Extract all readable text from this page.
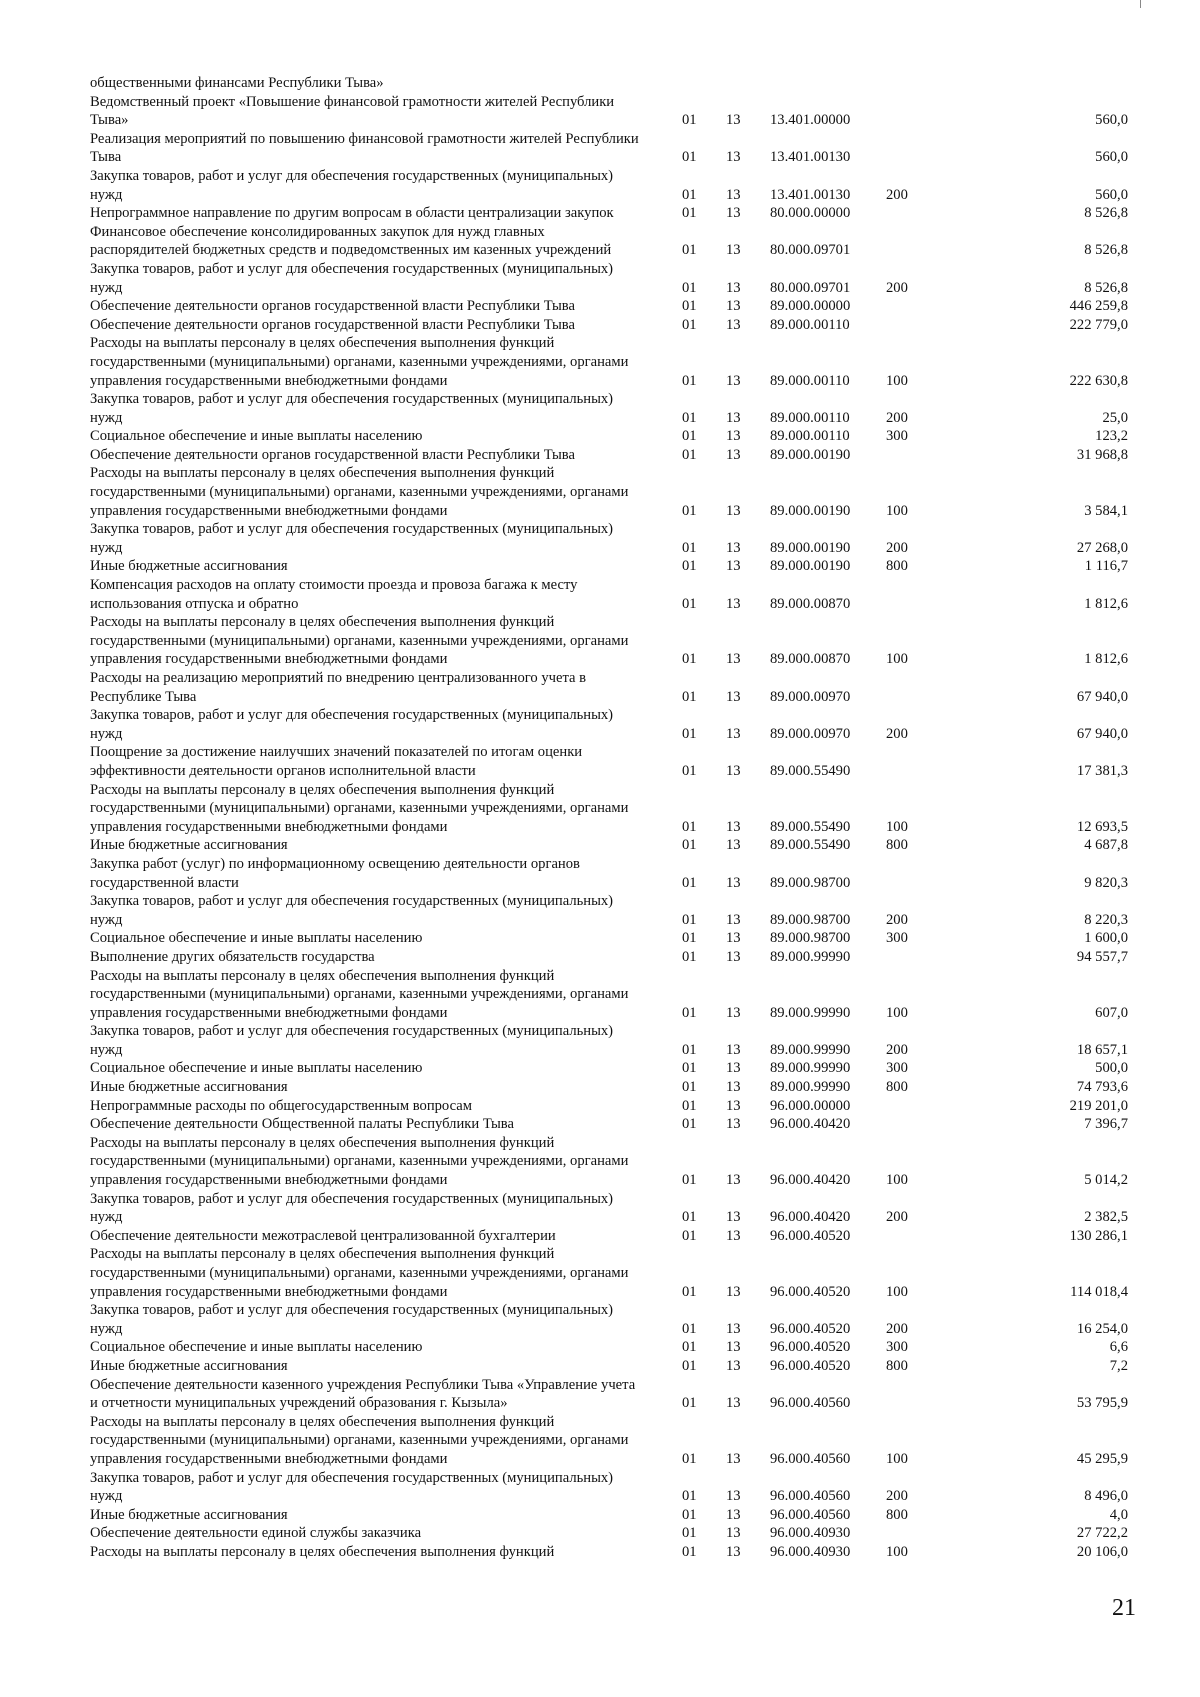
общественными финансами Республики Тыва»					
Ведомственный проект «Повышение финансовой грамотности жителей Республики
Тыва»	01	13	13.401.00000		560,0
Реализация мероприятий по повышению финансовой грамотности жителей Республики
Тыва	01	13	13.401.00130		560,0
Закупка товаров, работ и услуг для обеспечения государственных (муниципальных)
нужд	01	13	13.401.00130	200	560,0
Непрограммное направление по другим вопросам в области централизации закупок	01	13	80.000.00000		8 526,8
Финансовое обеспечение консолидированных закупок для нужд главных
распорядителей бюджетных средств и подведомственных им казенных учреждений	01	13	80.000.09701		8 526,8
Закупка товаров, работ и услуг для обеспечения государственных (муниципальных)
нужд	01	13	80.000.09701	200	8 526,8
Обеспечение деятельности органов государственной власти Республики Тыва	01	13	89.000.00000		446 259,8
Обеспечение деятельности органов государственной власти Республики Тыва	01	13	89.000.00110		222 779,0
Расходы на выплаты персоналу в целях обеспечения выполнения функций
государственными (муниципальными) органами, казенными учреждениями, органами
управления государственными внебюджетными фондами	01	13	89.000.00110	100	222 630,8
Закупка товаров, работ и услуг для обеспечения государственных (муниципальных)
нужд	01	13	89.000.00110	200	25,0
Социальное обеспечение и иные выплаты населению	01	13	89.000.00110	300	123,2
Обеспечение деятельности органов государственной власти Республики Тыва	01	13	89.000.00190		31 968,8
Расходы на выплаты персоналу в целях обеспечения выполнения функций
государственными (муниципальными) органами, казенными учреждениями, органами
управления государственными внебюджетными фондами	01	13	89.000.00190	100	3 584,1
Закупка товаров, работ и услуг для обеспечения государственных (муниципальных)
нужд	01	13	89.000.00190	200	27 268,0
Иные бюджетные ассигнования	01	13	89.000.00190	800	1 116,7
Компенсация расходов на оплату стоимости проезда и провоза багажа к месту
использования отпуска и обратно	01	13	89.000.00870		1 812,6
Расходы на выплаты персоналу в целях обеспечения выполнения функций
государственными (муниципальными) органами, казенными учреждениями, органами
управления государственными внебюджетными фондами	01	13	89.000.00870	100	1 812,6
Расходы на реализацию мероприятий по внедрению централизованного учета в
Республике Тыва	01	13	89.000.00970		67 940,0
Закупка товаров, работ и услуг для обеспечения государственных (муниципальных)
нужд	01	13	89.000.00970	200	67 940,0
Поощрение за достижение наилучших значений показателей по итогам оценки
эффективности деятельности органов исполнительной власти	01	13	89.000.55490		17 381,3
Расходы на выплаты персоналу в целях обеспечения выполнения функций
государственными (муниципальными) органами, казенными учреждениями, органами
управления государственными внебюджетными фондами	01	13	89.000.55490	100	12 693,5
Иные бюджетные ассигнования	01	13	89.000.55490	800	4 687,8
Закупка работ (услуг) по информационному освещению деятельности органов
государственной власти	01	13	89.000.98700		9 820,3
Закупка товаров, работ и услуг для обеспечения государственных (муниципальных)
нужд	01	13	89.000.98700	200	8 220,3
Социальное обеспечение и иные выплаты населению	01	13	89.000.98700	300	1 600,0
Выполнение других обязательств государства	01	13	89.000.99990		94 557,7
Расходы на выплаты персоналу в целях обеспечения выполнения функций
государственными (муниципальными) органами, казенными учреждениями, органами
управления государственными внебюджетными фондами	01	13	89.000.99990	100	607,0
Закупка товаров, работ и услуг для обеспечения государственных (муниципальных)
нужд	01	13	89.000.99990	200	18 657,1
Социальное обеспечение и иные выплаты населению	01	13	89.000.99990	300	500,0
Иные бюджетные ассигнования	01	13	89.000.99990	800	74 793,6
Непрограммные расходы по общегосударственным вопросам	01	13	96.000.00000		219 201,0
Обеспечение деятельности Общественной палаты Республики Тыва	01	13	96.000.40420		7 396,7
Расходы на выплаты персоналу в целях обеспечения выполнения функций
государственными (муниципальными) органами, казенными учреждениями, органами
управления государственными внебюджетными фондами	01	13	96.000.40420	100	5 014,2
Закупка товаров, работ и услуг для обеспечения государственных (муниципальных)
нужд	01	13	96.000.40420	200	2 382,5
Обеспечение деятельности межотраслевой централизованной бухгалтерии	01	13	96.000.40520		130 286,1
Расходы на выплаты персоналу в целях обеспечения выполнения функций
государственными (муниципальными) органами, казенными учреждениями, органами
управления государственными внебюджетными фондами	01	13	96.000.40520	100	114 018,4
Закупка товаров, работ и услуг для обеспечения государственных (муниципальных)
нужд	01	13	96.000.40520	200	16 254,0
Социальное обеспечение и иные выплаты населению	01	13	96.000.40520	300	6,6
Иные бюджетные ассигнования	01	13	96.000.40520	800	7,2
Обеспечение деятельности казенного учреждения Республики Тыва «Управление учета
и отчетности муниципальных учреждений образования г. Кызыла»	01	13	96.000.40560		53 795,9
Расходы на выплаты персоналу в целях обеспечения выполнения функций
государственными (муниципальными) органами, казенными учреждениями, органами
управления государственными внебюджетными фондами	01	13	96.000.40560	100	45 295,9
Закупка товаров, работ и услуг для обеспечения государственных (муниципальных)
нужд	01	13	96.000.40560	200	8 496,0
Иные бюджетные ассигнования	01	13	96.000.40560	800	4,0
Обеспечение деятельности единой службы заказчика	01	13	96.000.40930		27 722,2
Расходы на выплаты персоналу в целях обеспечения выполнения функций	01	13	96.000.40930	100	20 106,0
21
